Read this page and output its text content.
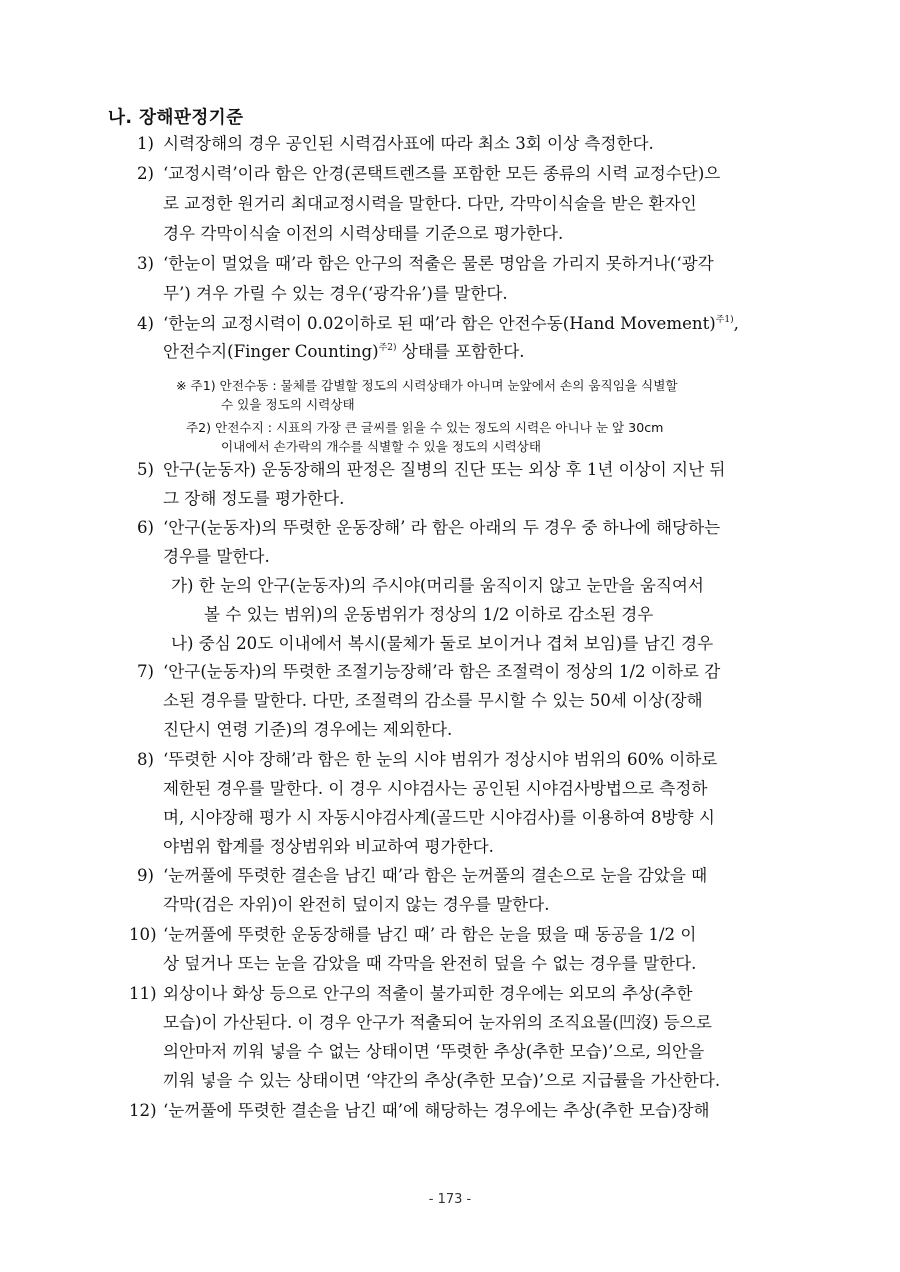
나. 장해판정기준
1) 시력장해의 경우 공인된 시력검사표에 따라 최소 3회 이상 측정한다.
2) ‘교정시력’이라 함은 안경(콘택트렌즈를 포함한 모든 종류의 시력 교정수단)으
로 교정한 원거리 최대교정시력을 말한다. 다만, 각막이식술을 받은 환자인
경우 각막이식술 이전의 시력상태를 기준으로 평가한다.
3) ‘한눈이 멀었을 때’라 함은 안구의 적출은 물론 명암을 가리지 못하거나(‘광각
무’) 겨우 가릴 수 있는 경우(‘광각유’)를 말한다.
4) ‘한눈의 교정시력이 0.02이하로 된 때’라 함은 안전수동(Hand Movement)$^{주1)}$,
안전수지(Finger Counting)$^{주2)}$ 상태를 포함한다.
※ 주1) 안전수동 : 물체를 감별할 정도의 시력상태가 아니며 눈앞에서 손의 움직임을 식별할
수 있을 정도의 시력상태
주2) 안전수지 : 시표의 가장 큰 글씨를 읽을 수 있는 정도의 시력은 아니나 눈 앞 30cm
이내에서 손가락의 개수를 식별할 수 있을 정도의 시력상태
5) 안구(눈동자) 운동장해의 판정은 질병의 진단 또는 외상 후 1년 이상이 지난 뒤
그 장해 정도를 평가한다.
6) ‘안구(눈동자)의 뚜렷한 운동장해’ 라 함은 아래의 두 경우 중 하나에 해당하는
경우를 말한다.
가) 한 눈의 안구(눈동자)의 주시야(머리를 움직이지 않고 눈만을 움직여서
볼 수 있는 범위)의 운동범위가 정상의 1/2 이하로 감소된 경우
나) 중심 20도 이내에서 복시(물체가 둘로 보이거나 겹쳐 보임)를 남긴 경우
7) ‘안구(눈동자)의 뚜렷한 조절기능장해’라 함은 조절력이 정상의 1/2 이하로 감
소된 경우를 말한다. 다만, 조절력의 감소를 무시할 수 있는 50세 이상(장해
진단시 연령 기준)의 경우에는 제외한다.
8) ‘뚜렷한 시야 장해’라 함은 한 눈의 시야 범위가 정상시야 범위의 60% 이하로
제한된 경우를 말한다. 이 경우 시야검사는 공인된 시야검사방법으로 측정하
며, 시야장해 평가 시 자동시야검사계(골드만 시야검사)를 이용하여 8방향 시
야범위 합계를 정상범위와 비교하여 평가한다.
9) ‘눈꺼풀에 뚜렷한 결손을 남긴 때’라 함은 눈꺼풀의 결손으로 눈을 감았을 때
각막(검은 자위)이 완전히 덮이지 않는 경우를 말한다.
10) ‘눈꺼풀에 뚜렷한 운동장해를 남긴 때’ 라 함은 눈을 떴을 때 동공을 1/2 이
상 덮거나 또는 눈을 감았을 때 각막을 완전히 덮을 수 없는 경우를 말한다.
11) 외상이나 화상 등으로 안구의 적출이 불가피한 경우에는 외모의 추상(추한
모습)이 가산된다. 이 경우 안구가 적출되어 눈자위의 조직요몰(凹沒) 등으로
의안마저 끼워 넣을 수 없는 상태이면 ‘뚜렷한 추상(추한 모습)’으로, 의안을
끼워 넣을 수 있는 상태이면 ‘약간의 추상(추한 모습)’으로 지급률을 가산한다.
12) ‘눈꺼풀에 뚜렷한 결손을 남긴 때’에 해당하는 경우에는 추상(추한 모습)장해
- 173 -
